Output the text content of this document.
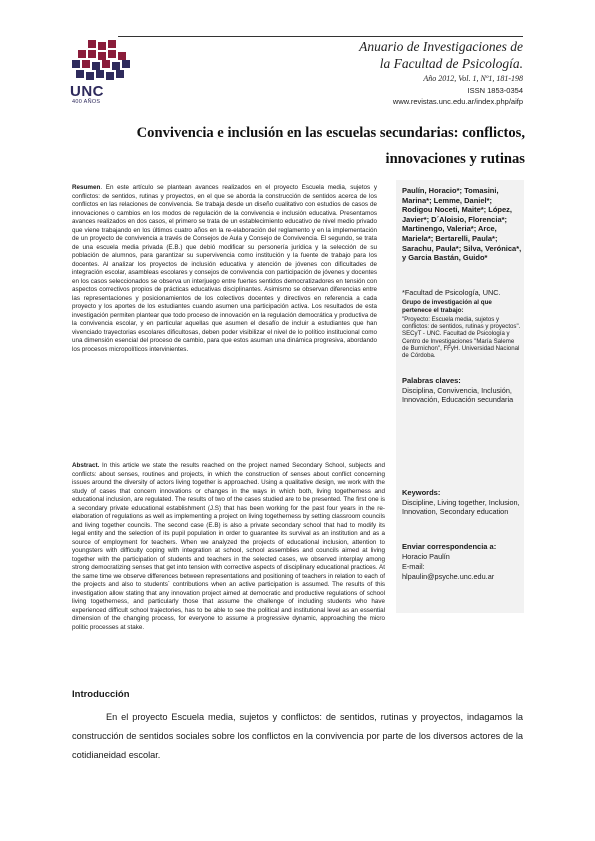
UNC
400 AÑOS
Anuario de Investigaciones de
la Facultad de Psicología.
Año 2012, Vol. 1, Nº1, 181-198
ISSN 1853-0354
www.revistas.unc.edu.ar/index.php/aifp
Convivencia e inclusión en las escuelas secundarias: conflictos, innovaciones y rutinas
Resumen. En este artículo se plantean avances realizados en el proyecto Escuela media, sujetos y conflictos: de sentidos, rutinas y proyectos, en el que se aborda la construcción de sentidos acerca de los conflictos en las relaciones de convivencia. Se trabaja desde un diseño cualitativo con estudios de casos de innovaciones o cambios en los modos de regulación de la convivencia e inclusión educativa. Presentamos avances realizados en dos casos, el primero se trata de un establecimiento educativo de nivel medio privado que viene trabajando en los últimos cuatro años en la re-elaboración del reglamento y en la implementación de un proyecto de convivencia a través de Consejos de Aula y Consejo de Convivencia. El segundo, se trata de una escuela media privada (E.B.) que debió modificar su personería jurídica y la selección de su población de alumnos, para garantizar su supervivencia como institución y la fuente de trabajo para los docentes. Al analizar los proyectos de inclusión educativa y atención de jóvenes con dificultades de integración escolar, asambleas escolares y consejos de convivencia con participación de jóvenes y docentes en los casos seleccionados se observa un interjuego entre fuertes sentidos democratizadores en tensión con aspectos correctivos propios de prácticas educativas disciplinantes. Asimismo se observan diferencias entre las representaciones y posicionamientos de los colectivos docentes y directivos en referencia a cada proyecto y los aportes de los estudiantes cuando asumen una participación activa. Los resultados de esta investigación permiten plantear que todo proceso de innovación en la regulación democrática y productiva de la convivencia escolar, y en particular aquellas que asumen el desafío de incluir a estudiantes que han vivenciado trayectorias escolares dificultosas, deben poder visibilizar el nivel de lo político institucional como una dimensión esencial del proceso de cambio, para que estos asuman una dinámica progresiva, abordando los procesos micropolíticos intervinientes.
Abstract. In this article we state the results reached on the project named Secondary School, subjects and conflicts: about senses, routines and projects, in which the construction of senses about conflict concerning issues around the diversity of actors living together is approached. Using a qualitative design, we work with the study of cases that concern innovations or changes in the ways in which both, living togetherness and educational inclusion, are regulated. The results of two of the cases studied are to be presented. The first one is a secondary private educational establishment (J.S) that has been working for the past four years in the re-elaboration of regulations as well as implementing a project on living togetherness by setting classroom councils and living together councils. The second case (E.B) is also a private secondary school that had to modify its legal entity and the selection of its pupil population in order to guarantee its survival as an institution and as a source of employment for teachers. When we analyzed the projects of educational inclusion, attention to youngsters with difficulty coping with integration at school, school assemblies and councils aimed at living together with the participation of students and teachers in the selected cases, we observed interplay among strong democratizing senses that get into tension with corrective aspects of disciplinary educational practices. At the same time we observe differences between representations and positioning of teachers in relation to each of the projects and also to students´ contributions when an active participation is assumed. The results of this investigation allow stating that any innovation project aimed at democratic and productive regulations of school living togetherness, and particularly those that assume the challenge of including students who have experienced difficult school trajectories, has to be able to see the political and institutional level as an essential dimension of the changing process, for everyone to assume a progressive dynamic, approaching the micro politic processes at stake.
Paulín, Horacio*; Tomasini, Marina*; Lemme, Daniel*; Rodigou Noceti, Maite*; López, Javier*; D´Aloisio, Florencia*; Martinengo, Valeria*; Arce, Mariela*; Bertarelli, Paula*; Sarachu, Paula*; Silva, Verónica*, y Garcia Bastán, Guido*
*Facultad de Psicología, UNC.
Grupo de investigación al que pertenece el trabajo:
"Proyecto: Escuela media, sujetos y conflictos: de sentidos, rutinas y proyectos". SECyT - UNC. Facultad de Psicología y Centro de Investigaciones "María Saleme de Burnichon", FFyH. Universidad Nacional de Córdoba.
Palabras claves:
Disciplina, Convivencia, Inclusión, Innovación, Educación secundaria
Keywords:
Discipline, Living together, Inclusion, Innovation, Secondary education
Enviar correspondencia a:
Horacio Paulín
E-mail:
hlpaulin@psyche.unc.edu.ar
Introducción
En el proyecto Escuela media, sujetos y conflictos: de sentidos, rutinas y proyectos, indagamos la construcción de sentidos sociales sobre los conflictos en la convivencia por parte de los diversos actores de la cotidianeidad escolar.
